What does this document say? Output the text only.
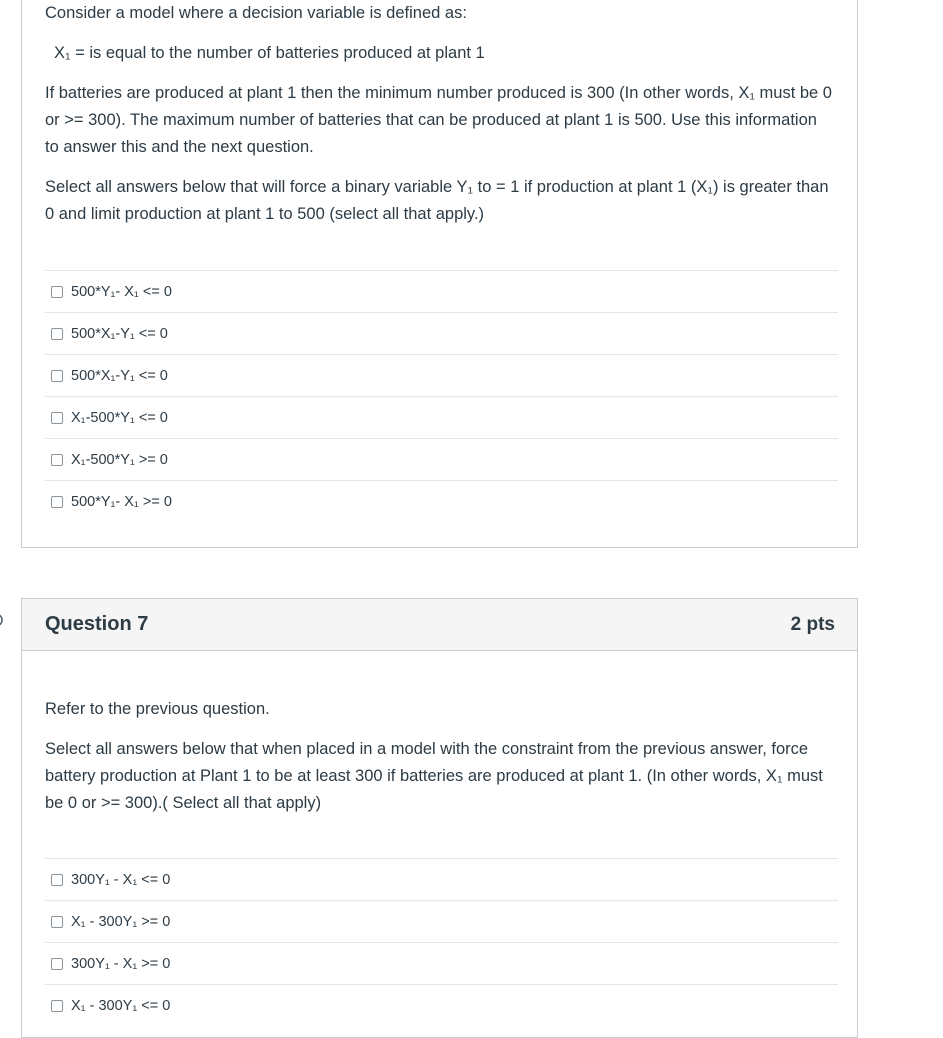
Consider a model where a decision variable is defined as:

X₁ = is equal to the number of batteries produced at plant 1

If batteries are produced at plant 1 then the minimum number produced is 300 (In other words, X₁ must be 0 or >= 300). The maximum number of batteries that can be produced at plant 1 is 500. Use this information to answer this and the next question.

Select all answers below that will force a binary variable Y₁ to = 1 if production at plant 1 (X₁) is greater than 0 and limit production at plant 1 to 500 (select all that apply.)

500*Y₁- X₁ <= 0
500*X₁-Y₁ <= 0
500*X₁-Y₁ <= 0
X₁-500*Y₁ <= 0
X₁-500*Y₁ >= 0
500*Y₁- X₁ >= 0
Question 7	2 pts

Refer to the previous question.

Select all answers below that when placed in a model with the constraint from the previous answer, force battery production at Plant 1 to be at least 300 if batteries are produced at plant 1. (In other words, X₁ must be 0 or >= 300).( Select all that apply)

300Y₁ - X₁ <= 0
X₁ - 300Y₁ >= 0
300Y₁ - X₁ >= 0
X₁ - 300Y₁ <= 0
